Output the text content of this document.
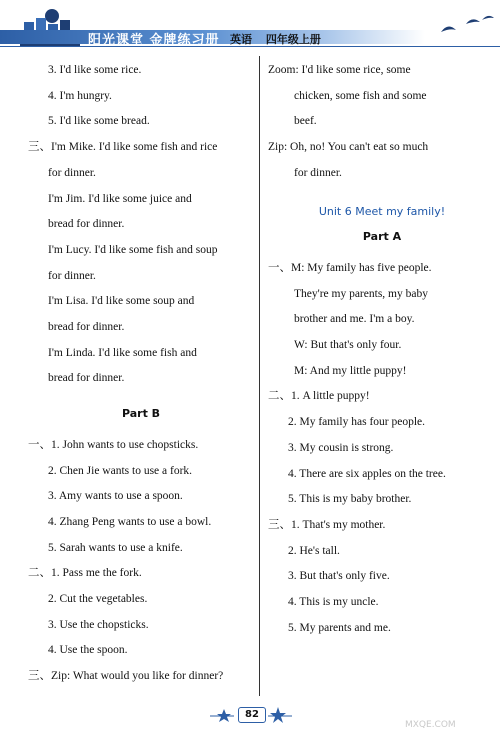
阳光课堂 金牌练习册 英语 四年级上册
3. I'd like some rice.
4. I'm hungry.
5. I'd like some bread.
三、I'm Mike. I'd like some fish and rice
for dinner.
I'm Jim. I'd like some juice and
bread for dinner.
I'm Lucy. I'd like some fish and soup
for dinner.
I'm Lisa. I'd like some soup and
bread for dinner.
I'm Linda. I'd like some fish and
bread for dinner.
Part B
一、1. John wants to use chopsticks.
2. Chen Jie wants to use a fork.
3. Amy wants to use a spoon.
4. Zhang Peng wants to use a bowl.
5. Sarah wants to use a knife.
二、1. Pass me the fork.
2. Cut the vegetables.
3. Use the chopsticks.
4. Use the spoon.
三、Zip: What would you like for dinner?
Zoom: I'd like some rice, some
chicken, some fish and some
beef.
Zip: Oh, no! You can't eat so much
for dinner.
Unit 6 Meet my family!
Part A
一、M: My family has five people.
They're my parents, my baby
brother and me. I'm a boy.
W: But that's only four.
M: And my little puppy!
二、1. A little puppy!
2. My family has four people.
3. My cousin is strong.
4. There are six apples on the tree.
5. This is my baby brother.
三、1. That's my mother.
2. He's tall.
3. But that's only five.
4. This is my uncle.
5. My parents and me.
82
MXQE.COM
